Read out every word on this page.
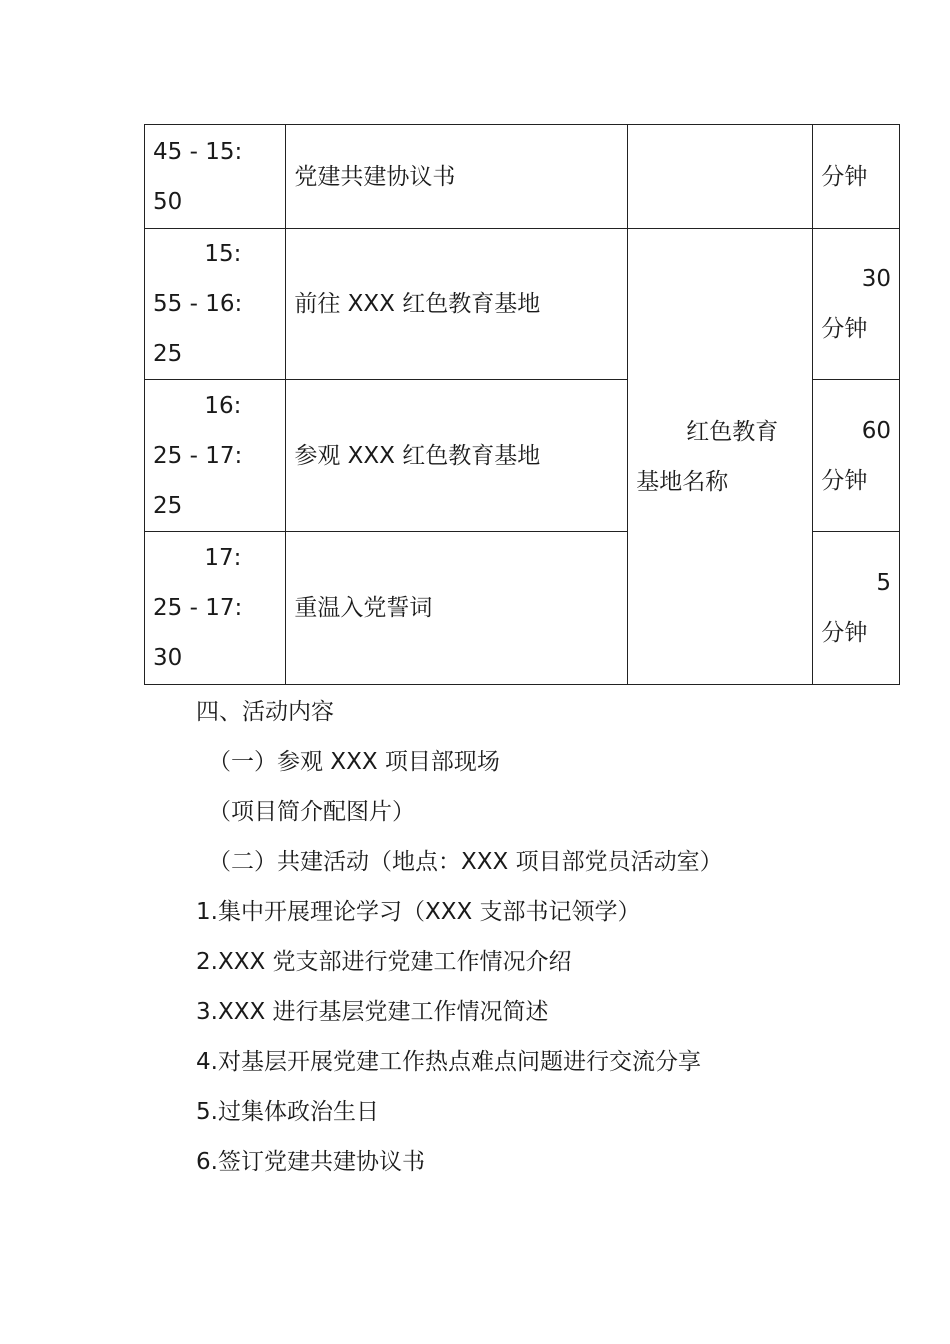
45 - 15:
50	党建共建协议书		分钟

15:
55 - 16:
25	前往 XXX 红色教育基地	红色教育
基地名称	30
分钟

16:
25 - 17:
25	参观 XXX 红色教育基地		60
分钟

17:
25 - 17:
30	重温入党誓词		5
分钟

四、活动内容

（一）参观 XXX 项目部现场

（项目简介配图片）

（二）共建活动（地点：XXX 项目部党员活动室）

1.集中开展理论学习（XXX 支部书记领学）

2.XXX 党支部进行党建工作情况介绍

3.XXX 进行基层党建工作情况简述

4.对基层开展党建工作热点难点问题进行交流分享

5.过集体政治生日

6.签订党建共建协议书
